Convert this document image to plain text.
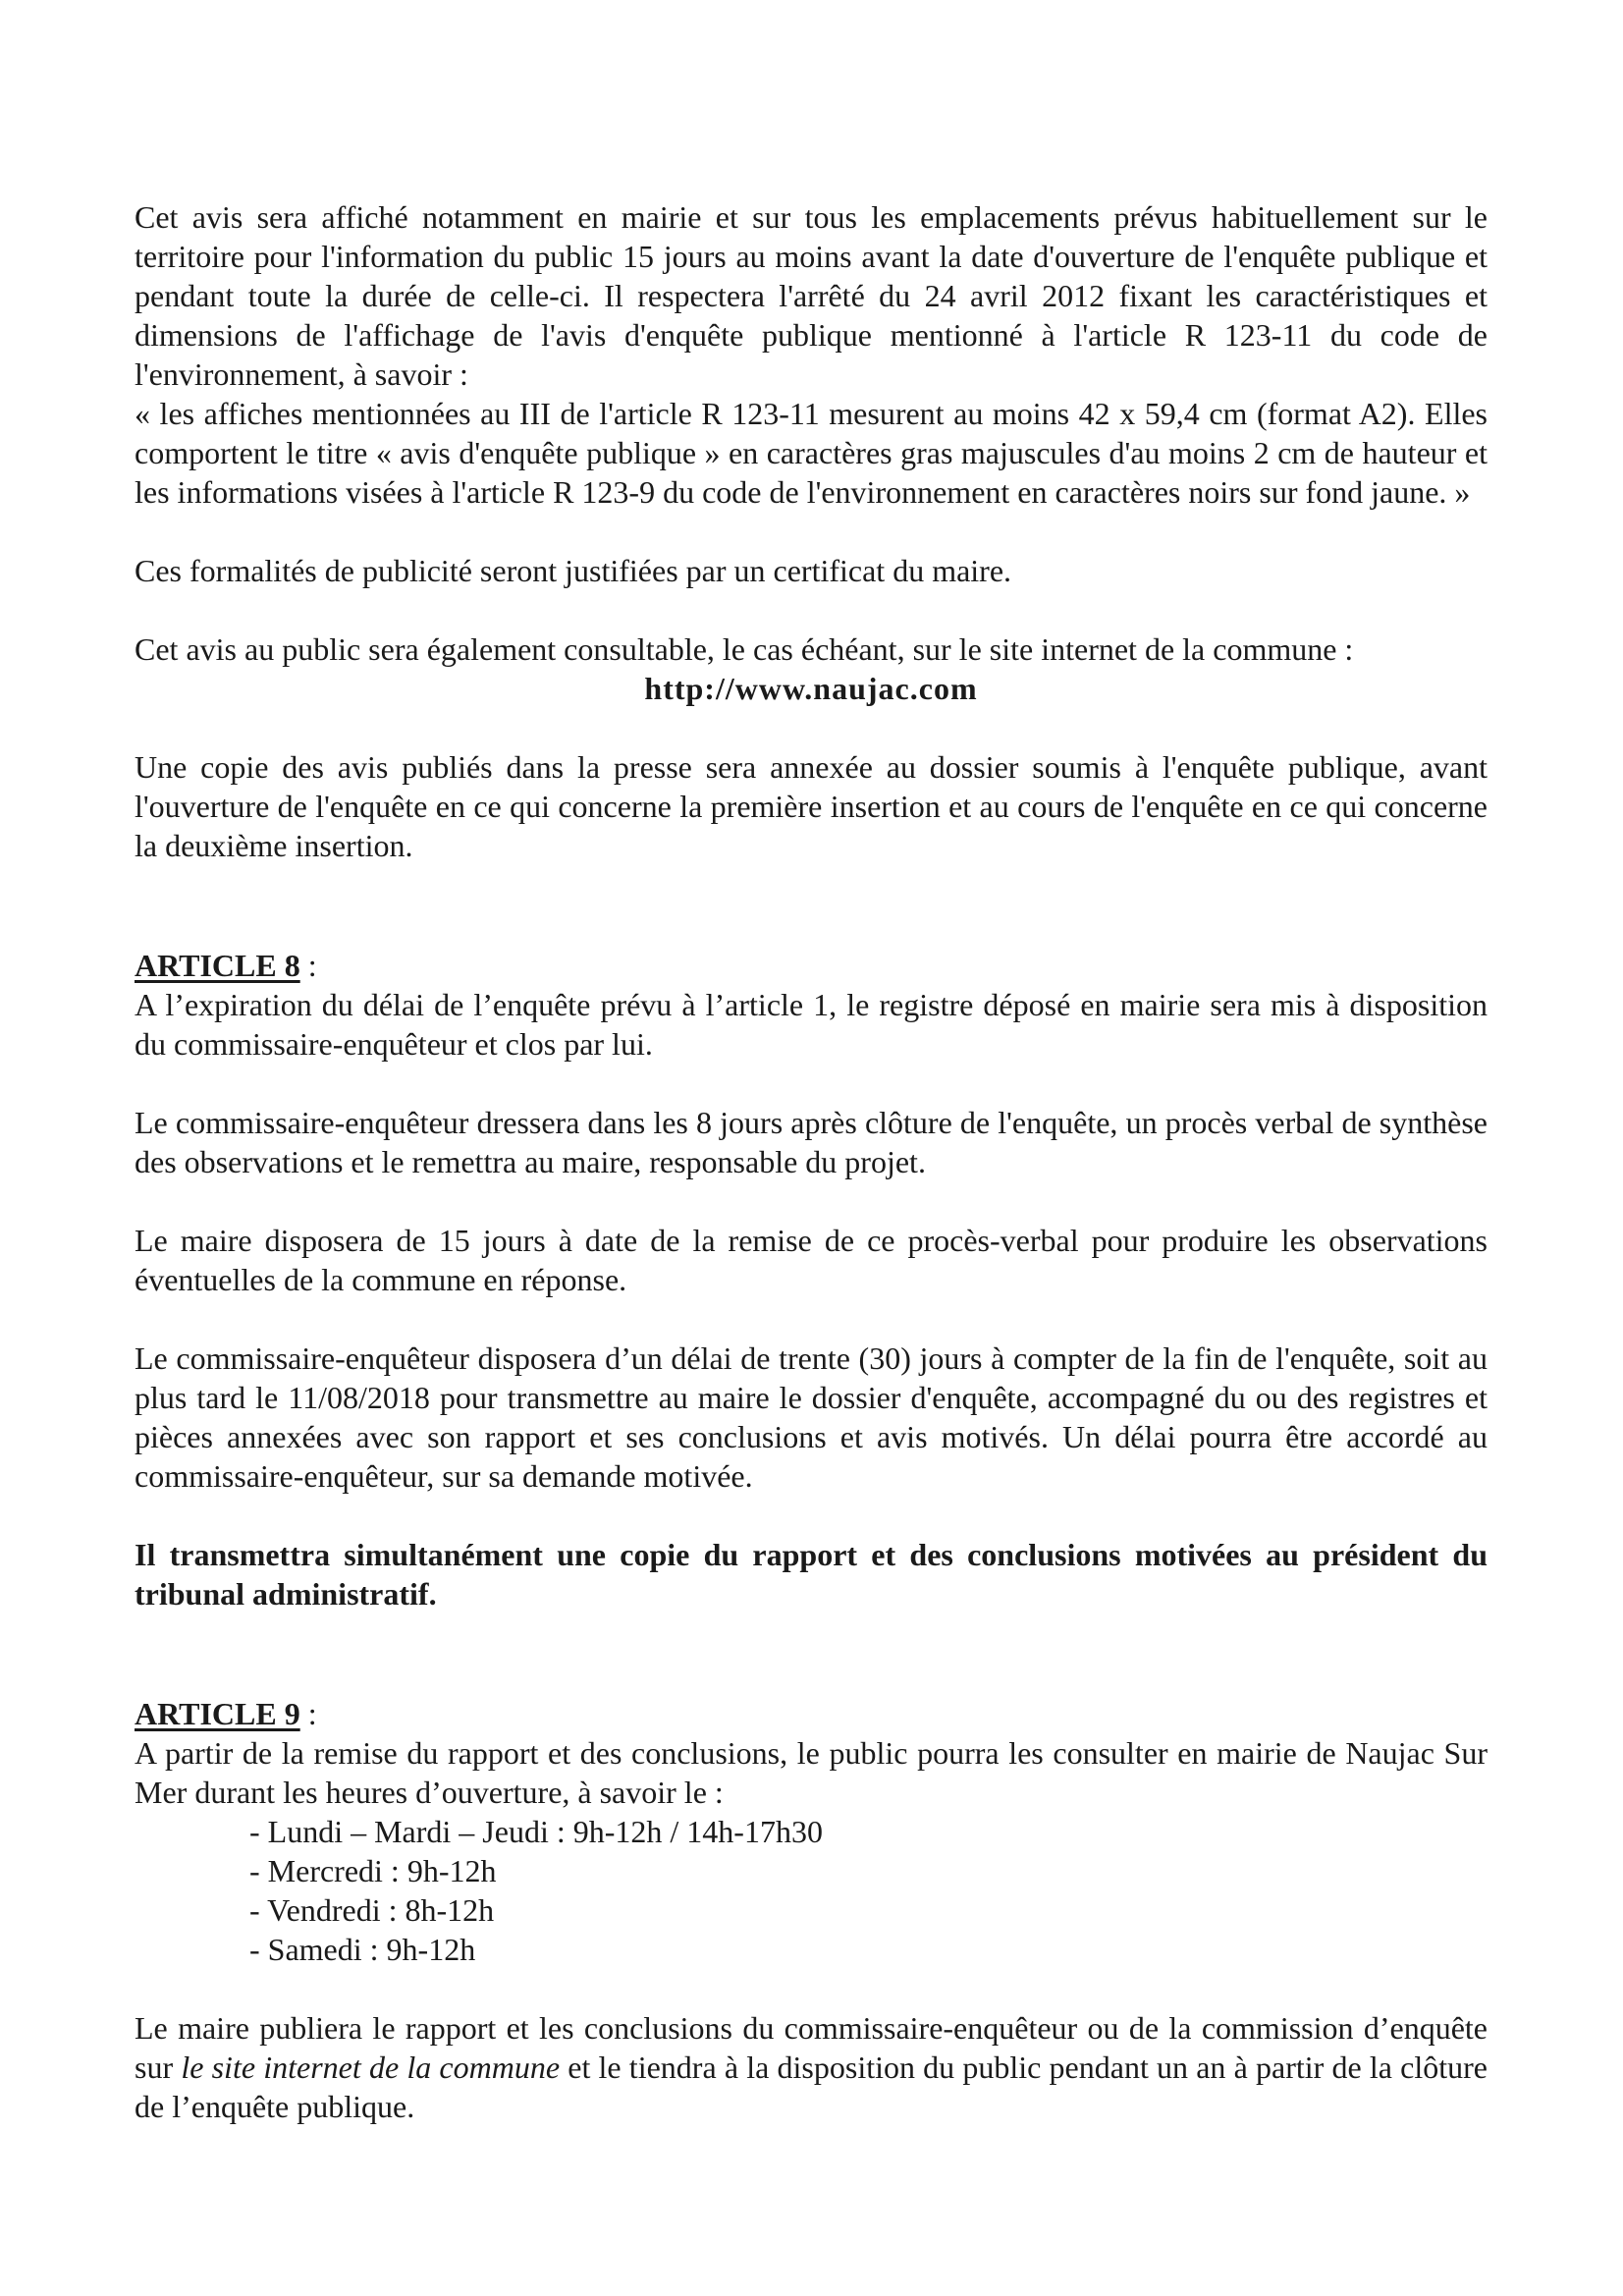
Cet avis sera affiché notamment en mairie et sur tous les emplacements prévus habituellement sur le territoire pour l'information du public 15 jours au moins avant la date d'ouverture de l'enquête publique et pendant toute la durée de celle-ci. Il respectera l'arrêté du 24 avril 2012 fixant les caractéristiques et dimensions de l'affichage de l'avis d'enquête publique mentionné à l'article R 123-11 du code de l'environnement, à savoir :

« les affiches mentionnées au III de l'article R 123-11 mesurent au moins 42 x 59,4 cm (format A2). Elles comportent le titre « avis d'enquête publique » en caractères gras majuscules d'au moins 2 cm de hauteur et les informations visées à l'article R 123-9 du code de l'environnement en caractères noirs sur fond jaune. »

Ces formalités de publicité seront justifiées par un certificat du maire.

Cet avis au public sera également consultable, le cas échéant, sur le site internet de la commune :

http://www.naujac.com

Une copie des avis publiés dans la presse sera annexée au dossier soumis à l'enquête publique, avant l'ouverture de l'enquête en ce qui concerne la première insertion et au cours de l'enquête en ce qui concerne la deuxième insertion.

ARTICLE 8 :

A l’expiration du délai de l’enquête prévu à l’article 1, le registre déposé en mairie sera mis à disposition du commissaire-enquêteur et clos par lui.

Le commissaire-enquêteur dressera dans les 8 jours après clôture de l'enquête, un procès verbal de synthèse des observations et le remettra au maire, responsable du projet.

Le maire disposera de 15 jours à date de la remise de ce procès-verbal pour produire les observations éventuelles de la commune en réponse.

Le commissaire-enquêteur disposera d’un délai de trente (30) jours à compter de la fin de l'enquête, soit au plus tard le 11/08/2018 pour transmettre au maire le dossier d'enquête, accompagné du ou des registres et pièces annexées avec son rapport et ses conclusions et avis motivés. Un délai pourra être accordé au commissaire-enquêteur, sur sa demande motivée.

Il transmettra simultanément une copie du rapport et des conclusions motivées au président du tribunal administratif.

ARTICLE 9 :

A partir de la remise du rapport et des conclusions, le public pourra les consulter en mairie de Naujac Sur Mer durant les heures d’ouverture, à savoir le :

- Lundi – Mardi – Jeudi : 9h-12h / 14h-17h30
- Mercredi : 9h-12h
- Vendredi : 8h-12h
- Samedi : 9h-12h

Le maire publiera le rapport et les conclusions du commissaire-enquêteur ou de la commission d’enquête sur le site internet de la commune et le tiendra à la disposition du public pendant un an à partir de la clôture de l’enquête publique.
